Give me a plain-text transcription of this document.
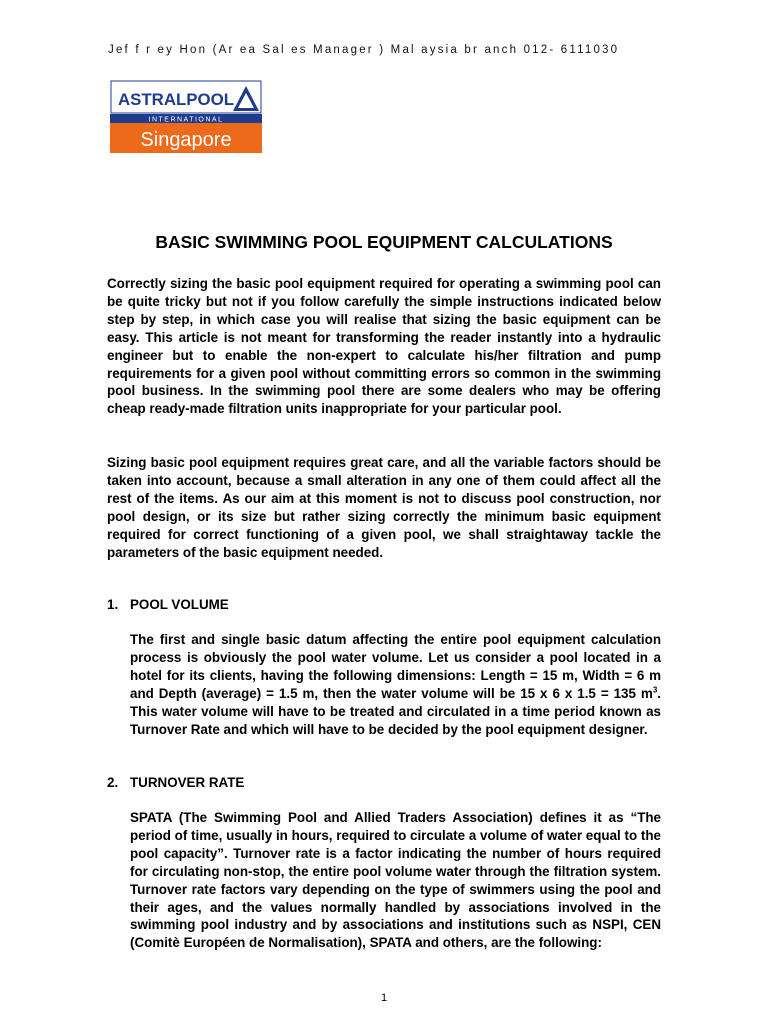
Jef f r ey Hon (Ar ea Sal es Manager ) Mal aysia br anch 012- 6111030
ASTRALPOOL
INTERNATIONAL
Singapore
BASIC SWIMMING POOL EQUIPMENT CALCULATIONS

Correctly sizing the basic pool equipment required for operating a swimming pool can be quite tricky but not if you follow carefully the simple instructions indicated below step by step, in which case you will realise that sizing the basic equipment can be easy. This article is not meant for transforming the reader instantly into a hydraulic engineer but to enable the non-expert to calculate his/her filtration and pump requirements for a given pool without committing errors so common in the swimming pool business. In the swimming pool there are some dealers who may be offering cheap ready-made filtration units inappropriate for your particular pool.

Sizing basic pool equipment requires great care, and all the variable factors should be taken into account, because a small alteration in any one of them could affect all the rest of the items. As our aim at this moment is not to discuss pool construction, nor pool design, or its size but rather sizing correctly the minimum basic equipment required for correct functioning of a given pool, we shall straightaway tackle the parameters of the basic equipment needed.

1. POOL VOLUME

The first and single basic datum affecting the entire pool equipment calculation process is obviously the pool water volume. Let us consider a pool located in a hotel for its clients, having the following dimensions: Length = 15 m, Width = 6 m and Depth (average) = 1.5 m, then the water volume will be 15 x 6 x 1.5 = 135 $m^3$. This water volume will have to be treated and circulated in a time period known as Turnover Rate and which will have to be decided by the pool equipment designer.

2. TURNOVER RATE

SPATA (The Swimming Pool and Allied Traders Association) defines it as “The period of time, usually in hours, required to circulate a volume of water equal to the pool capacity”. Turnover rate is a factor indicating the number of hours required for circulating non-stop, the entire pool volume water through the filtration system. Turnover rate factors vary depending on the type of swimmers using the pool and their ages, and the values normally handled by associations involved in the swimming pool industry and by associations and institutions such as NSPI, CEN (Comitè Européen de Normalisation), SPATA and others, are the following:

1
